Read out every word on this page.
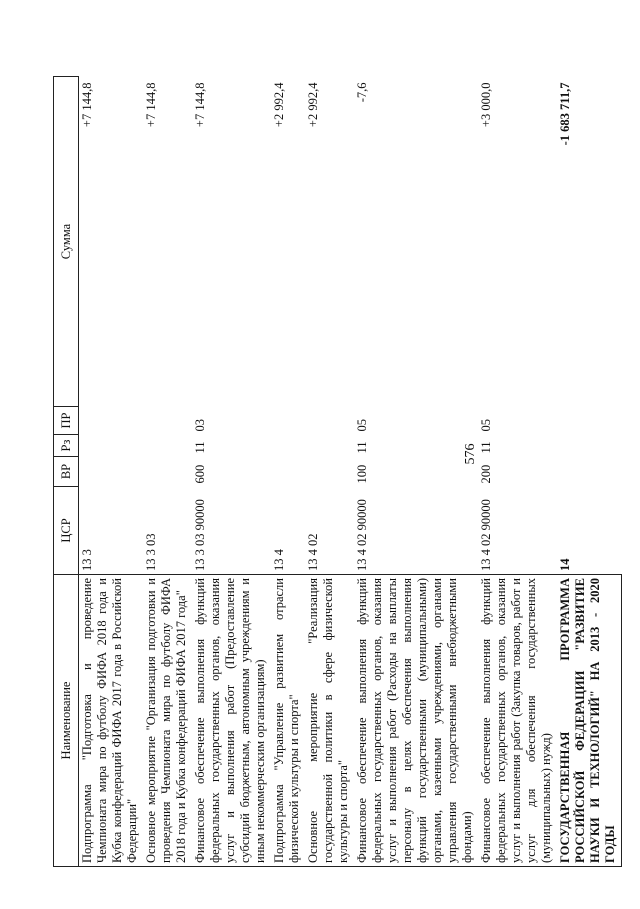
576
Наименование	ЦСР	ВР	Рз	ПР	Сумма
Подпрограмма "Подготовка и проведение Чемпионата мира по футболу ФИФА 2018 года и Кубка конфедераций ФИФА 2017 года в Российской Федерации"	13 3				+7 144,8
Основное мероприятие "Организация подготовки и проведения Чемпионата мира по футболу ФИФА 2018 года и Кубка конфедераций ФИФА 2017 года"	13 3 03				+7 144,8
Финансовое обеспечение выполнения функций федеральных государственных органов, оказания услуг и выполнения работ (Предоставление субсидий бюджетным, автономным учреждениям и иным некоммерческим организациям)	13 3 03 90000	600	11	03	+7 144,8
Подпрограмма "Управление развитием отрасли физической культуры и спорта"	13 4				+2 992,4
Основное мероприятие "Реализация государственной политики в сфере физической культуры и спорта"	13 4 02				+2 992,4
Финансовое обеспечение выполнения функций федеральных государственных органов, оказания услуг и выполнения работ (Расходы на выплаты персоналу в целях обеспечения выполнения функций государственными (муниципальными) органами, казенными учреждениями, органами управления государственными внебюджетными фондами)	13 4 02 90000	100	11	05	-7,6
Финансовое обеспечение выполнения функций федеральных государственных органов, оказания услуг и выполнения работ (Закупка товаров, работ и услуг для обеспечения государственных (муниципальных) нужд)	13 4 02 90000	200	11	05	+3 000,0
ГОСУДАРСТВЕННАЯ ПРОГРАММА РОССИЙСКОЙ ФЕДЕРАЦИИ "РАЗВИТИЕ НАУКИ И ТЕХНОЛОГИЙ" НА 2013 - 2020 ГОДЫ	14				-1 683 711,7
